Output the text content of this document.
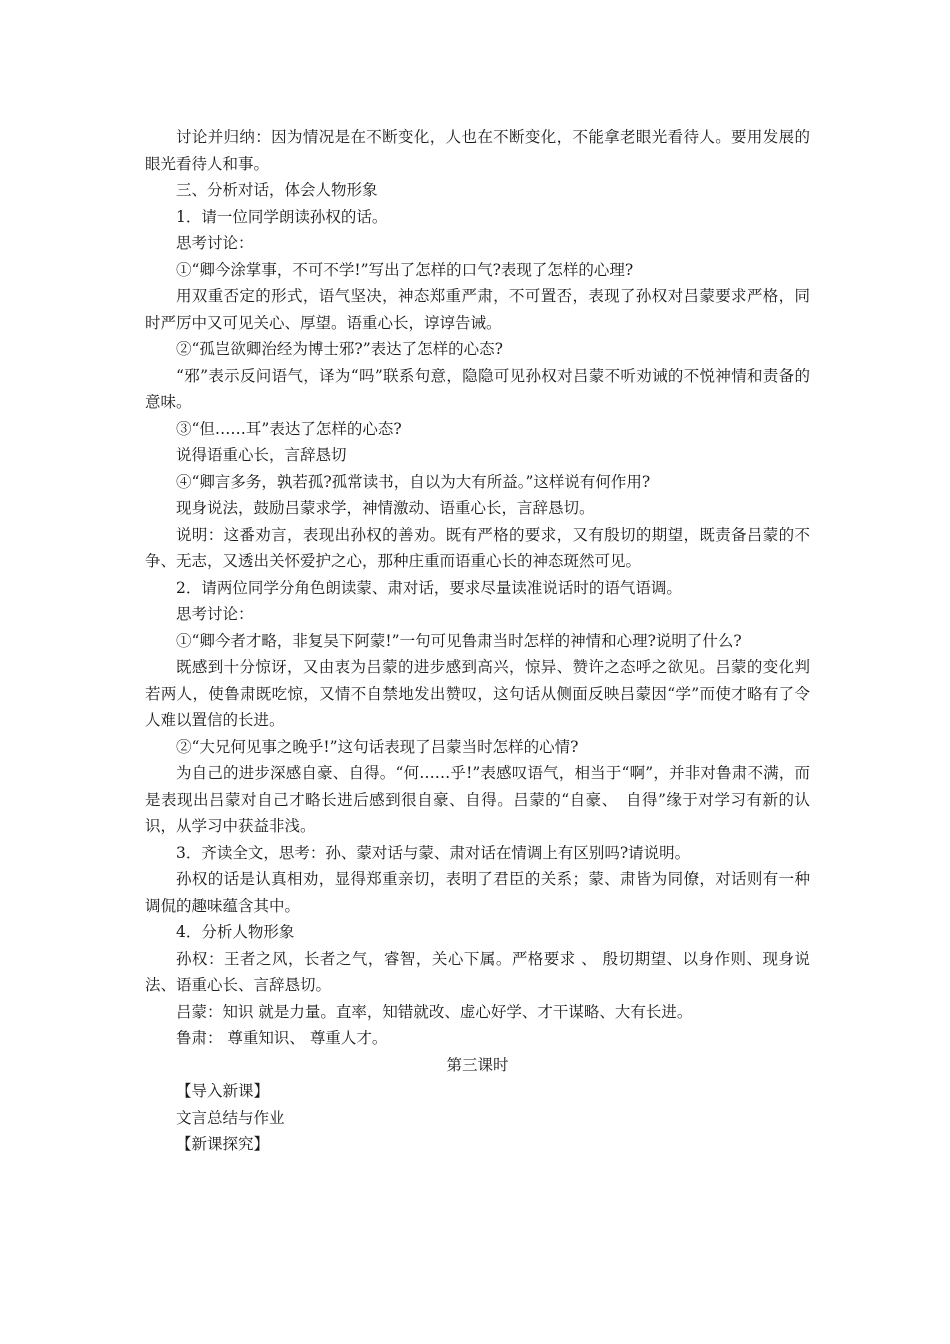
讨论并归纳：因为情况是在不断变化，人也在不断变化，不能拿老眼光看待人。要用发展的眼光看待人和事。

三、分析对话，体会人物形象

1．请一位同学朗读孙权的话。

思考讨论：

①“卿今涂掌事，不可不学!”写出了怎样的口气?表现了怎样的心理?

用双重否定的形式，语气坚决，神态郑重严肃，不可置否，表现了孙权对吕蒙要求严格，同时严厉中又可见关心、厚望。语重心长，谆谆告诫。

②“孤岂欲卿治经为博士邪?”表达了怎样的心态?

“邪”表示反问语气，译为“吗”联系句意，隐隐可见孙权对吕蒙不听劝诫的不悦神情和责备的意味。

③“但……耳”表达了怎样的心态?

说得语重心长，言辞恳切

④“卿言多务，孰若孤?孤常读书，自以为大有所益。”这样说有何作用?

现身说法，鼓励吕蒙求学，神情激动、语重心长，言辞恳切。

说明：这番劝言，表现出孙权的善劝。既有严格的要求，又有殷切的期望，既责备吕蒙的不争、无志，又透出关怀爱护之心，那种庄重而语重心长的神态斑然可见。

2．请两位同学分角色朗读蒙、肃对话，要求尽量读准说话时的语气语调。

思考讨论：

①“卿今者才略，非复吴下阿蒙!”一句可见鲁肃当时怎样的神情和心理?说明了什么?

既感到十分惊讶，又由衷为吕蒙的进步感到高兴，惊异、赞许之态呼之欲见。吕蒙的变化判若两人，使鲁肃既吃惊，又情不自禁地发出赞叹，这句话从侧面反映吕蒙因“学”而使才略有了令人难以置信的长进。

②“大兄何见事之晚乎!”这句话表现了吕蒙当时怎样的心情?

为自己的进步深感自豪、自得。“何……乎!”表感叹语气，相当于“啊”，并非对鲁肃不满，而是表现出吕蒙对自己才略长进后感到很自豪、自得。吕蒙的“自豪、　自得”缘于对学习有新的认识，从学习中获益非浅。

3．齐读全文，思考：孙、蒙对话与蒙、肃对话在情调上有区别吗?请说明。

孙权的话是认真相劝，显得郑重亲切，表明了君臣的关系；蒙、肃皆为同僚，对话则有一种调侃的趣味蕴含其中。

4．分析人物形象

孙权：王者之风，长者之气，睿智，关心下属。严格要求 、 殷切期望、以身作则、现身说法、语重心长、言辞恳切。

吕蒙：知识 就是力量。直率，知错就改、虚心好学、才干谋略、大有长进。

鲁肃： 尊重知识、 尊重人才。

第三课时

【导入新课】

文言总结与作业

【新课探究】
